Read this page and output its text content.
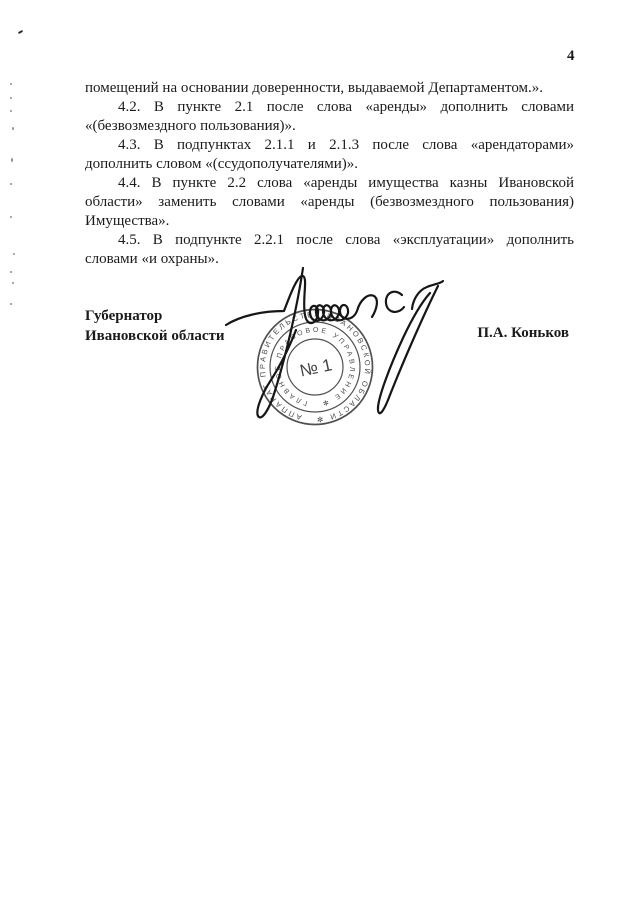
4

помещений на основании доверенности, выдаваемой Департаментом.».

4.2. В пункте 2.1 после слова «аренды» дополнить словами

«(безвозмездного пользования)».

4.3. В подпунктах 2.1.1 и 2.1.3 после слова «арендаторами»

дополнить словом «(ссудополучателями)».

4.4. В пункте 2.2 слова «аренды имущества казны Ивановской

области» заменить словами «аренды (безвозмездного пользования)

Имущества».

4.5. В подпункте 2.2.1 после слова «эксплуатации» дополнить

словами «и охраны».

Губернатор
Ивановской области	П.А. Коньков
АППАРАТ ПРАВИТЕЛЬСТВА ИВАНОВСКОЙ ОБЛАСТИ ✻
ГЛАВНОЕ ПРАВОВОЕ УПРАВЛЕНИЕ ✻
№ 1
